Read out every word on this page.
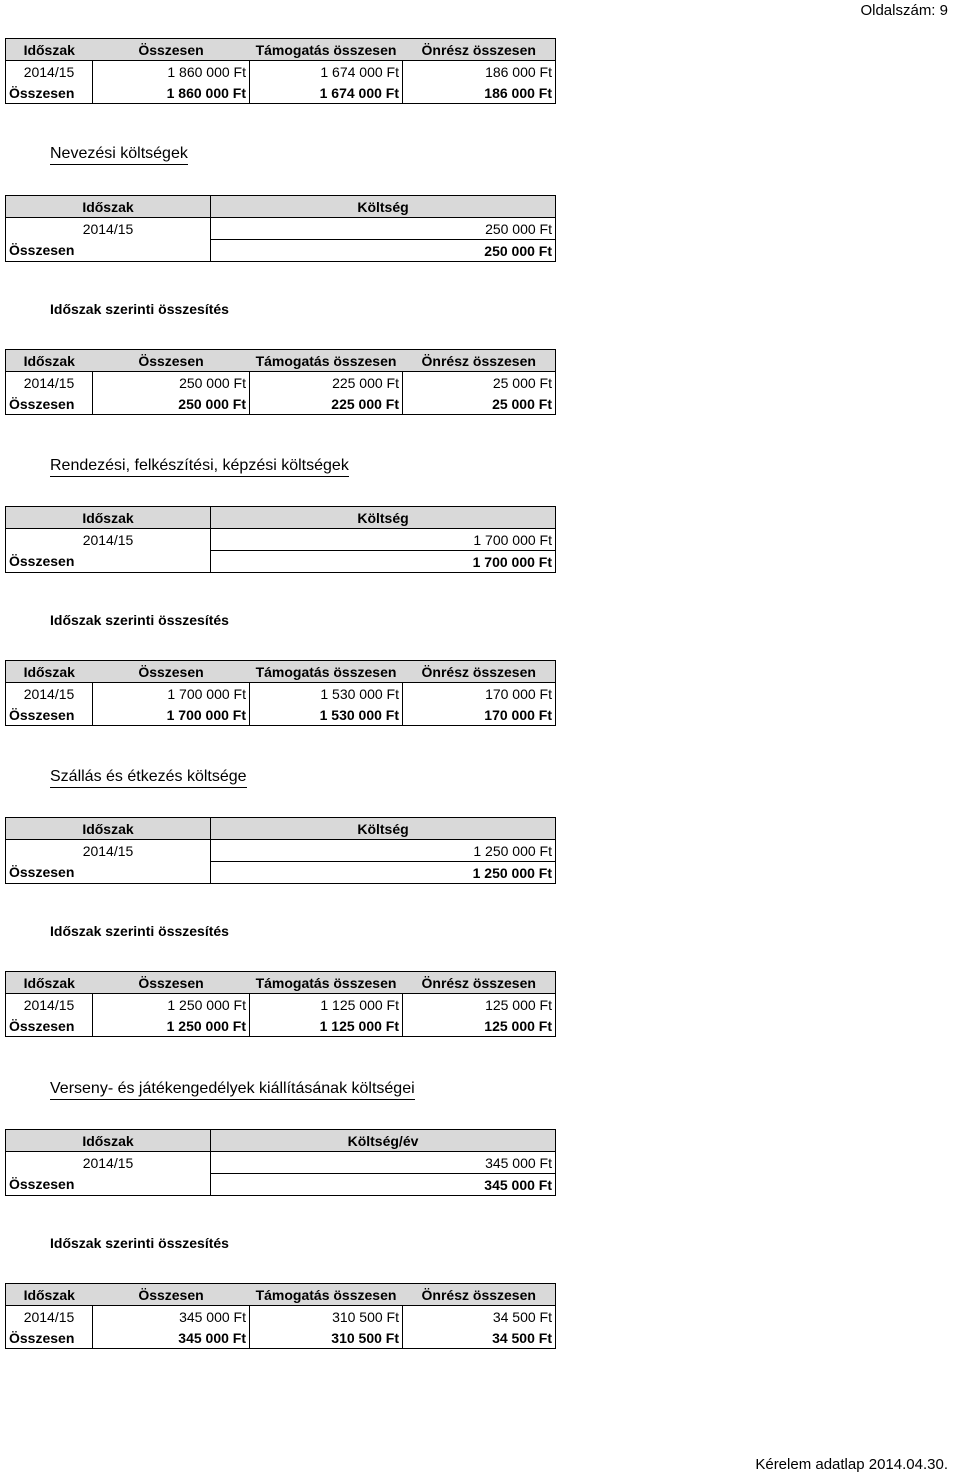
Oldalszám: 9
Időszak	Összesen	Támogatás összesen	Önrész összesen
2014/15	1 860 000 Ft	1 674 000 Ft	186 000 Ft
Összesen	1 860 000 Ft	1 674 000 Ft	186 000 Ft
Nevezési költségek
Időszak	Költség
2014/15	250 000 Ft
Összesen	250 000 Ft
Időszak szerinti összesítés
Időszak	Összesen	Támogatás összesen	Önrész összesen
2014/15	250 000 Ft	225 000 Ft	25 000 Ft
Összesen	250 000 Ft	225 000 Ft	25 000 Ft
Rendezési, felkészítési, képzési költségek
Időszak	Költség
2014/15	1 700 000 Ft
Összesen	1 700 000 Ft
Időszak szerinti összesítés
Időszak	Összesen	Támogatás összesen	Önrész összesen
2014/15	1 700 000 Ft	1 530 000 Ft	170 000 Ft
Összesen	1 700 000 Ft	1 530 000 Ft	170 000 Ft
Szállás és étkezés költsége
Időszak	Költség
2014/15	1 250 000 Ft
Összesen	1 250 000 Ft
Időszak szerinti összesítés
Időszak	Összesen	Támogatás összesen	Önrész összesen
2014/15	1 250 000 Ft	1 125 000 Ft	125 000 Ft
Összesen	1 250 000 Ft	1 125 000 Ft	125 000 Ft
Verseny- és játékengedélyek kiállításának költségei
Időszak	Költség/év
2014/15	345 000 Ft
Összesen	345 000 Ft
Időszak szerinti összesítés
Időszak	Összesen	Támogatás összesen	Önrész összesen
2014/15	345 000 Ft	310 500 Ft	34 500 Ft
Összesen	345 000 Ft	310 500 Ft	34 500 Ft
Kérelem adatlap 2014.04.30.
